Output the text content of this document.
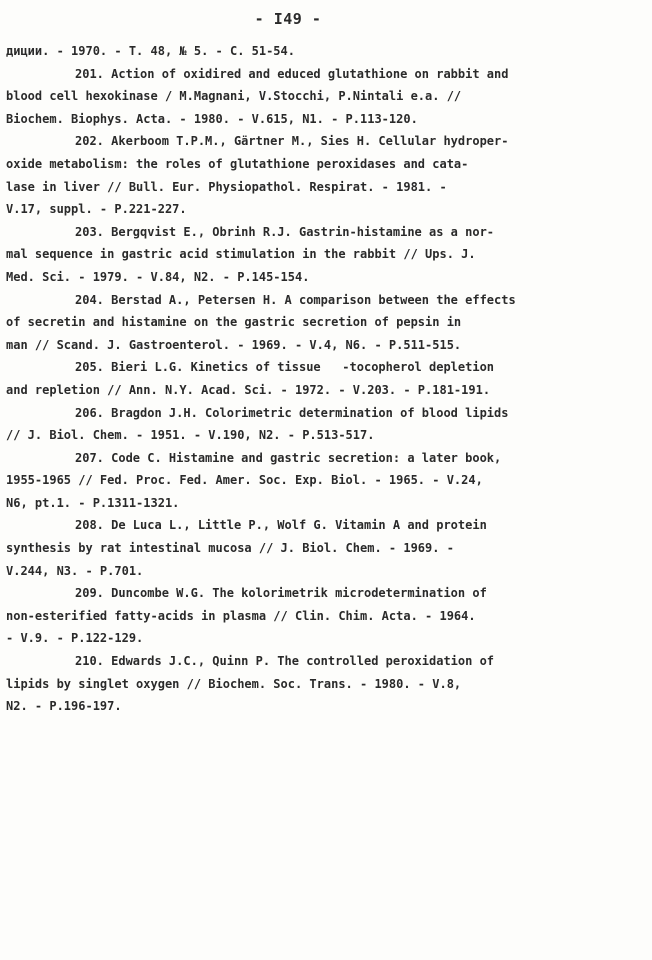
- I49 -
диции. - 1970. - Т. 48, № 5. - С. 51-54.
201. Action of oxidired and educed glutathione on rabbit and
blood cell hexokinase / M.Magnani, V.Stocchi, P.Nintali e.a. //
Biochem. Biophys. Acta. - 1980. - V.615, N1. - P.113-120.
202. Akerboom T.P.M., Gärtner M., Sies H. Cellular hydroper-
oxide metabolism: the roles of glutathione peroxidases and cata-
lase in liver // Bull. Eur. Physiopathol. Respirat. - 1981. -
V.17, suppl. - P.221-227.
203. Bergqvist E., Obrinh R.J. Gastrin-histamine as a nor-
mal sequence in gastric acid stimulation in the rabbit // Ups. J.
Med. Sci. - 1979. - V.84, N2. - P.145-154.
204. Berstad A., Petersen H. A comparison between the effects
of secretin and histamine on the gastric secretion of pepsin in
man // Scand. J. Gastroenterol. - 1969. - V.4, N6. - P.511-515.
205. Bieri L.G. Kinetics of tissue   -tocopherol depletion
and repletion // Ann. N.Y. Acad. Sci. - 1972. - V.203. - P.181-191.
206. Bragdon J.H. Colorimetric determination of blood lipids
// J. Biol. Chem. - 1951. - V.190, N2. - P.513-517.
207. Code C. Histamine and gastric secretion: a later book,
1955-1965 // Fed. Proc. Fed. Amer. Soc. Exp. Biol. - 1965. - V.24,
N6, pt.1. - P.1311-1321.
208. De Luca L., Little P., Wolf G. Vitamin A and protein
synthesis by rat intestinal mucosa // J. Biol. Chem. - 1969. -
V.244, N3. - P.701.
209. Duncombe W.G. The kolorimetrik microdetermination of
non-esterified fatty-acids in plasma // Clin. Chim. Acta. - 1964.
- V.9. - P.122-129.
210. Edwards J.C., Quinn P. The controlled peroxidation of
lipids by singlet oxygen // Biochem. Soc. Trans. - 1980. - V.8,
N2. - P.196-197.
